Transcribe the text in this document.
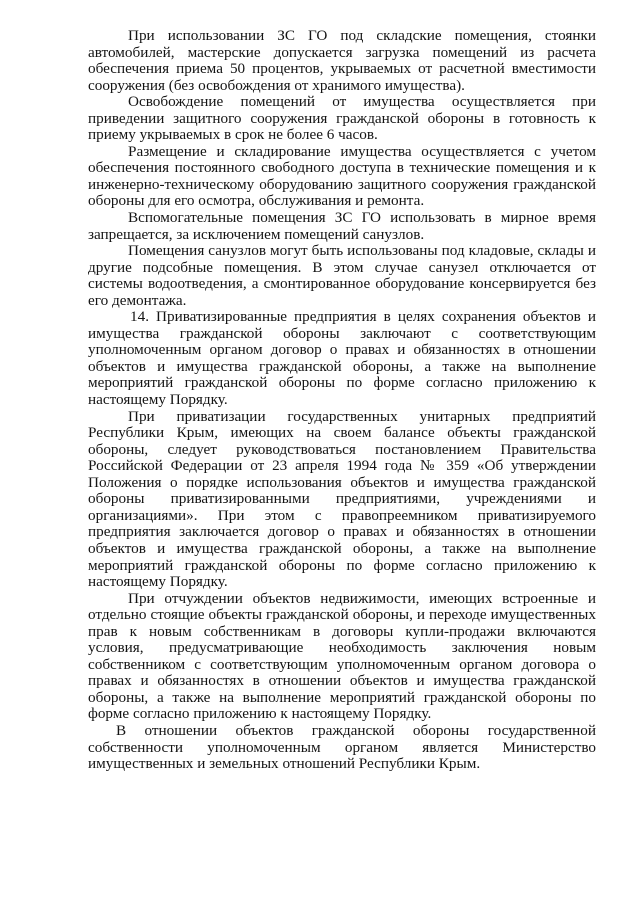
При использовании ЗС ГО под складские помещения, стоянки автомобилей, мастерские допускается загрузка помещений из расчета обеспечения приема 50 процентов, укрываемых от расчетной вместимости сооружения (без освобождения от хранимого имущества).

Освобождение помещений от имущества осуществляется при приведении защитного сооружения гражданской обороны в готовность к приему укрываемых в срок не более 6 часов.

Размещение и складирование имущества осуществляется с учетом обеспечения постоянного свободного доступа в технические помещения и к инженерно-техническому оборудованию защитного сооружения гражданской обороны для его осмотра, обслуживания и ремонта.

Вспомогательные помещения ЗС ГО использовать в мирное время запрещается, за исключением помещений санузлов.

Помещения санузлов могут быть использованы под кладовые, склады и другие подсобные помещения. В этом случае санузел отключается от системы водоотведения, а смонтированное оборудование консервируется без его демонтажа.

14. Приватизированные предприятия в целях сохранения объектов и имущества гражданской обороны заключают с соответствующим уполномоченным органом договор о правах и обязанностях в отношении объектов и имущества гражданской обороны, а также на выполнение мероприятий гражданской обороны по форме согласно приложению к настоящему Порядку.

При приватизации государственных унитарных предприятий Республики Крым, имеющих на своем балансе объекты гражданской обороны, следует руководствоваться постановлением Правительства Российской Федерации от 23 апреля 1994 года № 359 «Об утверждении Положения о порядке использования объектов и имущества гражданской обороны приватизированными предприятиями, учреждениями и организациями». При этом с правопреемником приватизируемого предприятия заключается договор о правах и обязанностях в отношении объектов и имущества гражданской обороны, а также на выполнение мероприятий гражданской обороны по форме согласно приложению к настоящему Порядку.

При отчуждении объектов недвижимости, имеющих встроенные и отдельно стоящие объекты гражданской обороны, и переходе имущественных прав к новым собственникам в договоры купли-продажи включаются условия, предусматривающие необходимость заключения новым собственником с соответствующим уполномоченным органом договора о правах и обязанностях в отношении объектов и имущества гражданской обороны, а также на выполнение мероприятий гражданской обороны по форме согласно приложению к настоящему Порядку.

В отношении объектов гражданской обороны государственной собственности уполномоченным органом является Министерство имущественных и земельных отношений Республики Крым.
